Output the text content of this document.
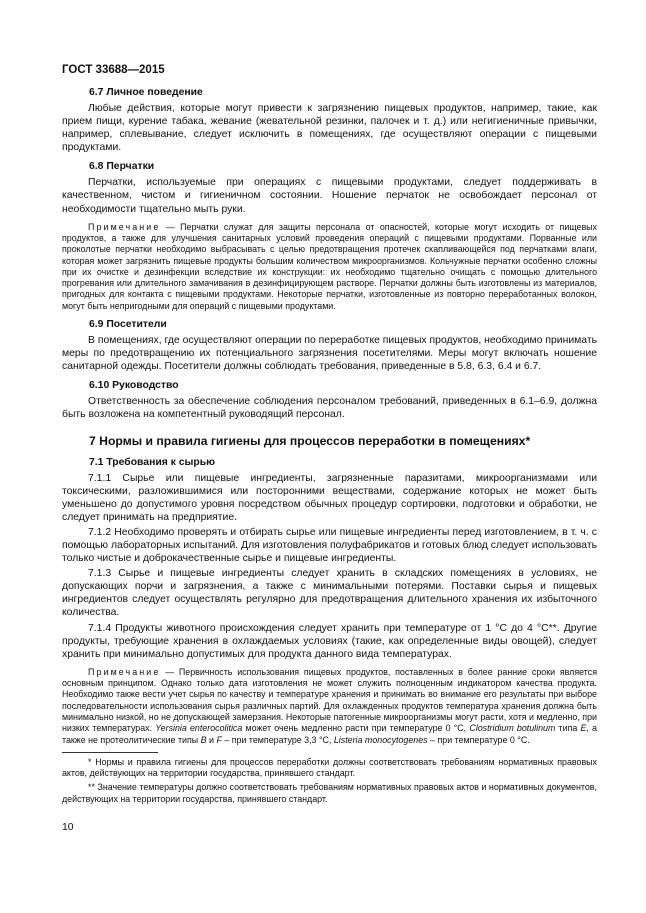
ГОСТ 33688—2015

6.7 Личное поведение

Любые действия, которые могут привести к загрязнению пищевых продуктов, например, такие, как прием пищи, курение табака, жевание (жевательной резинки, палочек и т. д.) или негигиеничные привычки, например, сплевывание, следует исключить в помещениях, где осуществляют операции с пищевыми продуктами.

6.8 Перчатки

Перчатки, используемые при операциях с пищевыми продуктами, следует поддерживать в качественном, чистом и гигиеничном состоянии. Ношение перчаток не освобождает персонал от необходимости тщательно мыть руки.

Примечание — Перчатки служат для защиты персонала от опасностей, которые могут исходить от пищевых продуктов, а также для улучшения санитарных условий проведения операций с пищевыми продуктами. Порванные или проколотые перчатки необходимо выбрасывать с целью предотвращения протечек скапливающейся под перчатками влаги, которая может загрязнить пищевые продукты большим количеством микроорганизмов. Кольчужные перчатки особенно сложны при их очистке и дезинфекции вследствие их конструкции: их необходимо тщательно очищать с помощью длительного прогревания или длительного замачивания в дезинфицирующем растворе. Перчатки должны быть изготовлены из материалов, пригодных для контакта с пищевыми продуктами. Некоторые перчатки, изготовленные из повторно переработанных волокон, могут быть непригодными для операций с пищевыми продуктами.

6.9 Посетители

В помещениях, где осуществляют операции по переработке пищевых продуктов, необходимо принимать меры по предотвращению их потенциального загрязнения посетителями. Меры могут включать ношение санитарной одежды. Посетители должны соблюдать требования, приведенные в 5.8, 6.3, 6.4 и 6.7.

6.10 Руководство

Ответственность за обеспечение соблюдения персоналом требований, приведенных в 6.1–6.9, должна быть возложена на компетентный руководящий персонал.

7 Нормы и правила гигиены для процессов переработки в помещениях*

7.1 Требования к сырью

7.1.1 Сырье или пищевые ингредиенты, загрязненные паразитами, микроорганизмами или токсическими, разложившимися или посторонними веществами, содержание которых не может быть уменьшено до допустимого уровня посредством обычных процедур сортировки, подготовки и обработки, не следует принимать на предприятие.

7.1.2 Необходимо проверять и отбирать сырье или пищевые ингредиенты перед изготовлением, в т. ч. с помощью лабораторных испытаний. Для изготовления полуфабрикатов и готовых блюд следует использовать только чистые и доброкачественные сырье и пищевые ингредиенты.

7.1.3 Сырье и пищевые ингредиенты следует хранить в складских помещениях в условиях, не допускающих порчи и загрязнения, а также с минимальными потерями. Поставки сырья и пищевых ингредиентов следует осуществлять регулярно для предотвращения длительного хранения их избыточного количества.

7.1.4 Продукты животного происхождения следует хранить при температуре от 1 °C до 4 °C**. Другие продукты, требующие хранения в охлаждаемых условиях (такие, как определенные виды овощей), следует хранить при минимально допустимых для продукта данного вида температурах.

Примечание — Первичность использования пищевых продуктов, поставленных в более ранние сроки является основным принципом. Однако только дата изготовления не может служить полноценным индикатором качества продукта. Необходимо также вести учет сырья по качеству и температуре хранения и принимать во внимание его результаты при выборе последовательности использования сырья различных партий. Для охлажденных продуктов температура хранения должна быть минимально низкой, но не допускающей замерзания. Некоторые патогенные микроорганизмы могут расти, хотя и медленно, при низких температурах. Yersinia enterocolitica может очень медленно расти при температуре 0 °C, Clostridium botulinum типа E, а также не протеолитические типы B и F – при температуре 3,3 °C, Listeria monocytogenes – при температуре 0 °C.

* Нормы и правила гигиены для процессов переработки должны соответствовать требованиям нормативных правовых актов, действующих на территории государства, принявшего стандарт.

** Значение температуры должно соответствовать требованиям нормативных правовых актов и нормативных документов, действующих на территории государства, принявшего стандарт.

10
